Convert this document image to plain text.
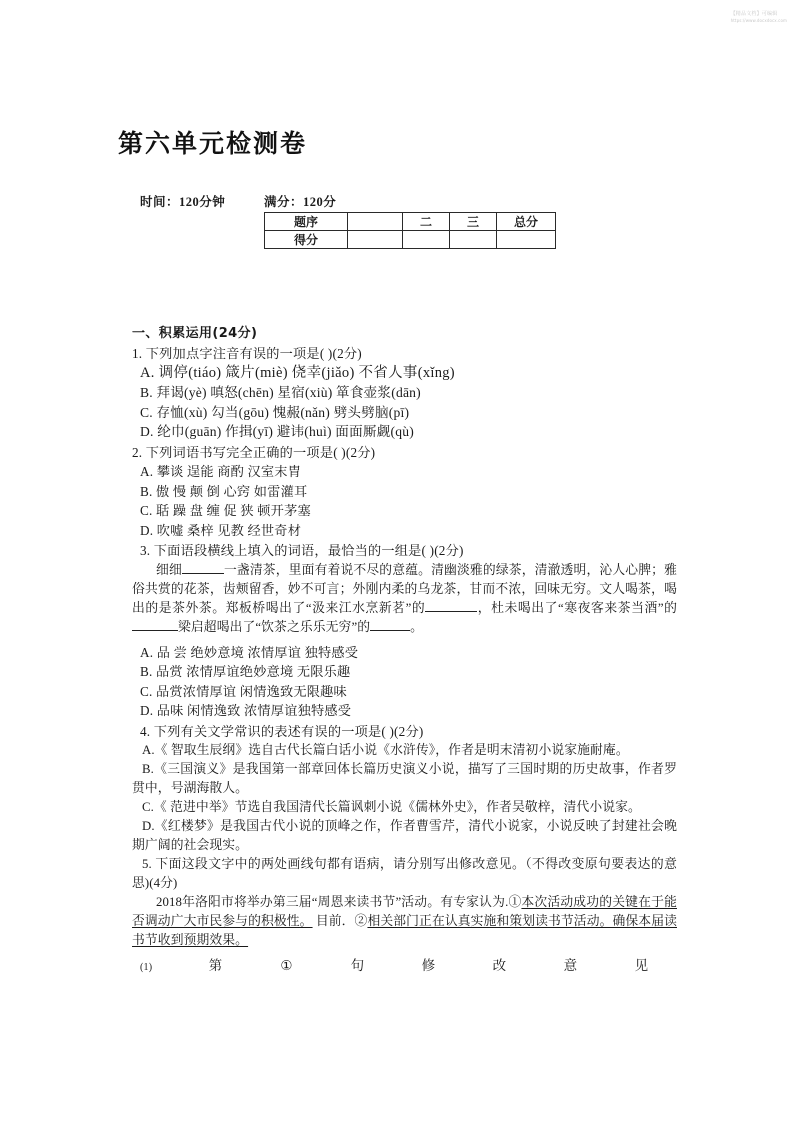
【精品文档】可编辑
https://www.docxdocx.com
第六单元检测卷
时间：120分钟	满分：120分
题序		二	三	总分
得分				
一、积累运用(24分)
1. 下列加点字注音有误的一项是( )(2分)
A. 调停(tiáo) 箴片(miè) 侥幸(jiǎo) 不省人事(xǐng)
B. 拜谒(yè) 嗔怒(chēn) 星宿(xiù) 箪食壶浆(dān)
C. 存恤(xù) 勾当(gōu) 愧赧(nǎn) 劈头劈脑(pī)
D. 纶巾(guān) 作揖(yī) 避讳(huì) 面面厮觑(qù)
2. 下列词语书写完全正确的一项是( )(2分)
A. 攀谈 逞能 商酌 汉室末胄
B. 傲 慢 颠 倒 心窍 如雷灌耳
C. 聒 躁 盘 缠 促 狭 顿开茅塞
D. 吹嘘 桑梓 见教 经世奇材
3. 下面语段横线上填入的词语，最恰当的一组是( )(2分)
细细	一盏清茶，里面有着说不尽的意蕴。清幽淡雅的绿茶，清澈透明，沁人心脾；雅俗共赏的花茶，齿颊留香，妙不可言；外刚内柔的乌龙茶，甘而不浓，回味无穷。文人喝茶，喝出的是茶外茶。郑板桥喝出了“汲来江水烹新茗”的	，杜未喝出了“寒夜客来茶当酒”的梁启超喝出了“饮茶之乐乐无穷”的	。
A. 品 尝 绝妙意境 浓情厚谊 独特感受
B. 品赏 浓情厚谊绝妙意境 无限乐趣
C. 品赏浓情厚谊 闲情逸致无限趣味
D. 品味 闲情逸致 浓情厚谊独特感受
4. 下列有关文学常识的表述有误的一项是( )(2分)
A.《 智取生辰纲》选自古代长篇白话小说《水浒传》，作者是明末清初小说家施耐庵。
B.《三国演义》是我国第一部章回体长篇历史演义小说，描写了三国时期的历史故事，作者罗贯中，号湖海散人。
C.《 范进中举》节选自我国清代长篇讽刺小说《儒林外史》，作者吴敬梓，清代小说家。
D.《红楼梦》是我国古代小说的顶峰之作，作者曹雪芹，清代小说家，小说反映了封建社会晚期广阔的社会现实。
5. 下面这段文字中的两处画线句都有语病，请分别写出修改意见。（不得改变原句要表达的意思)(4分)
2018年洛阳市将举办第三届“周恩来读书节”活动。有专家认为.①本次活动成功的关键在于能否调动广大市民参与的积极性。 目前．②相关部门正在认真实施和策划读书节活动。确保本届读书节收到预期效果。
(1)	第	①	句	修	改	意	见
